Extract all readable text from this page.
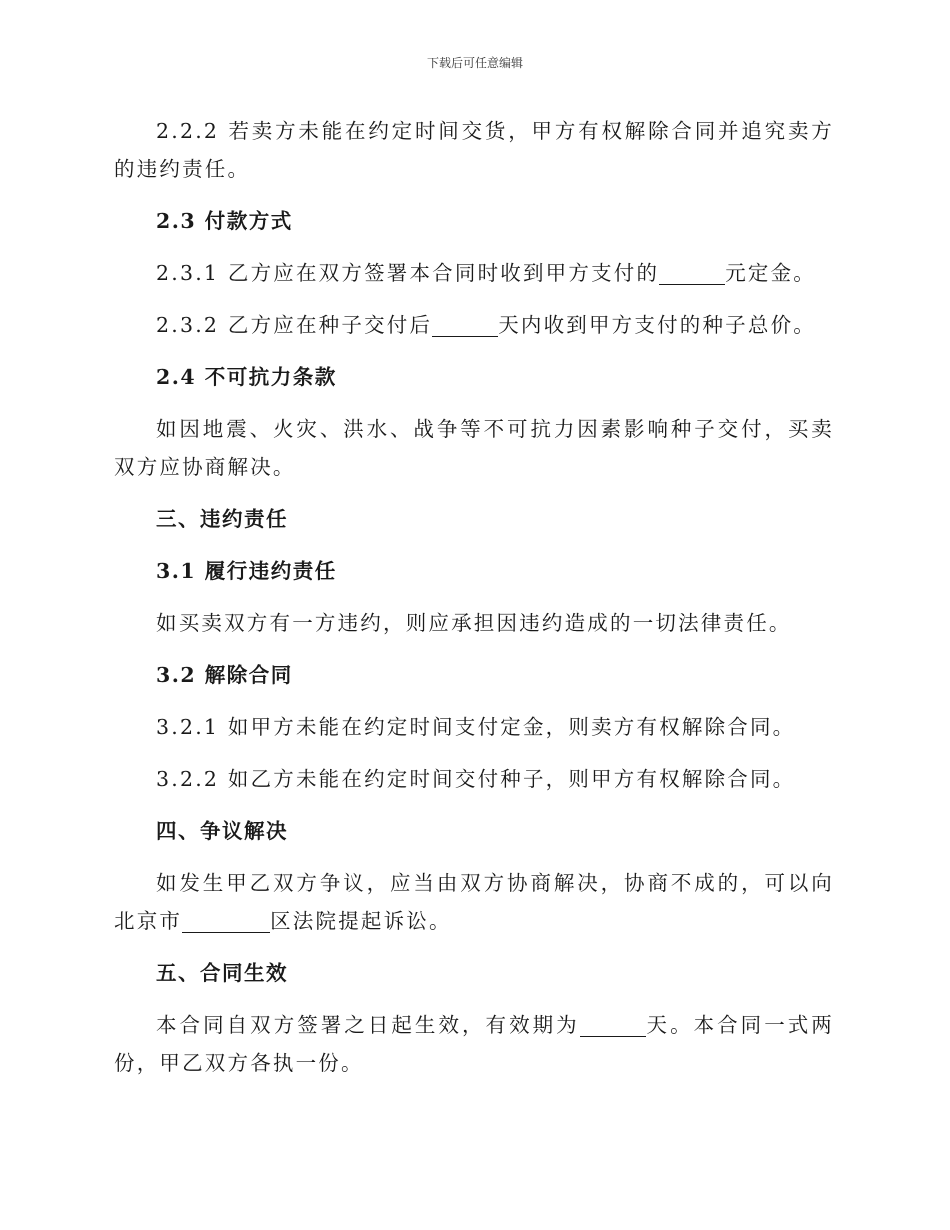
下载后可任意编辑

2.2.2 若卖方未能在约定时间交货，甲方有权解除合同并追究卖方的违约责任。

2.3 付款方式

2.3.1 乙方应在双方签署本合同时收到甲方支付的	元定金。

2.3.2 乙方应在种子交付后	天内收到甲方支付的种子总价。

2.4 不可抗力条款

如因地震、火灾、洪水、战争等不可抗力因素影响种子交付，买卖双方应协商解决。

三、违约责任

3.1 履行违约责任

如买卖双方有一方违约，则应承担因违约造成的一切法律责任。

3.2 解除合同

3.2.1 如甲方未能在约定时间支付定金，则卖方有权解除合同。

3.2.2 如乙方未能在约定时间交付种子，则甲方有权解除合同。

四、争议解决

如发生甲乙双方争议，应当由双方协商解决，协商不成的，可以向北京市	区法院提起诉讼。

五、合同生效

本合同自双方签署之日起生效，有效期为	天。本合同一式两份，甲乙双方各执一份。
